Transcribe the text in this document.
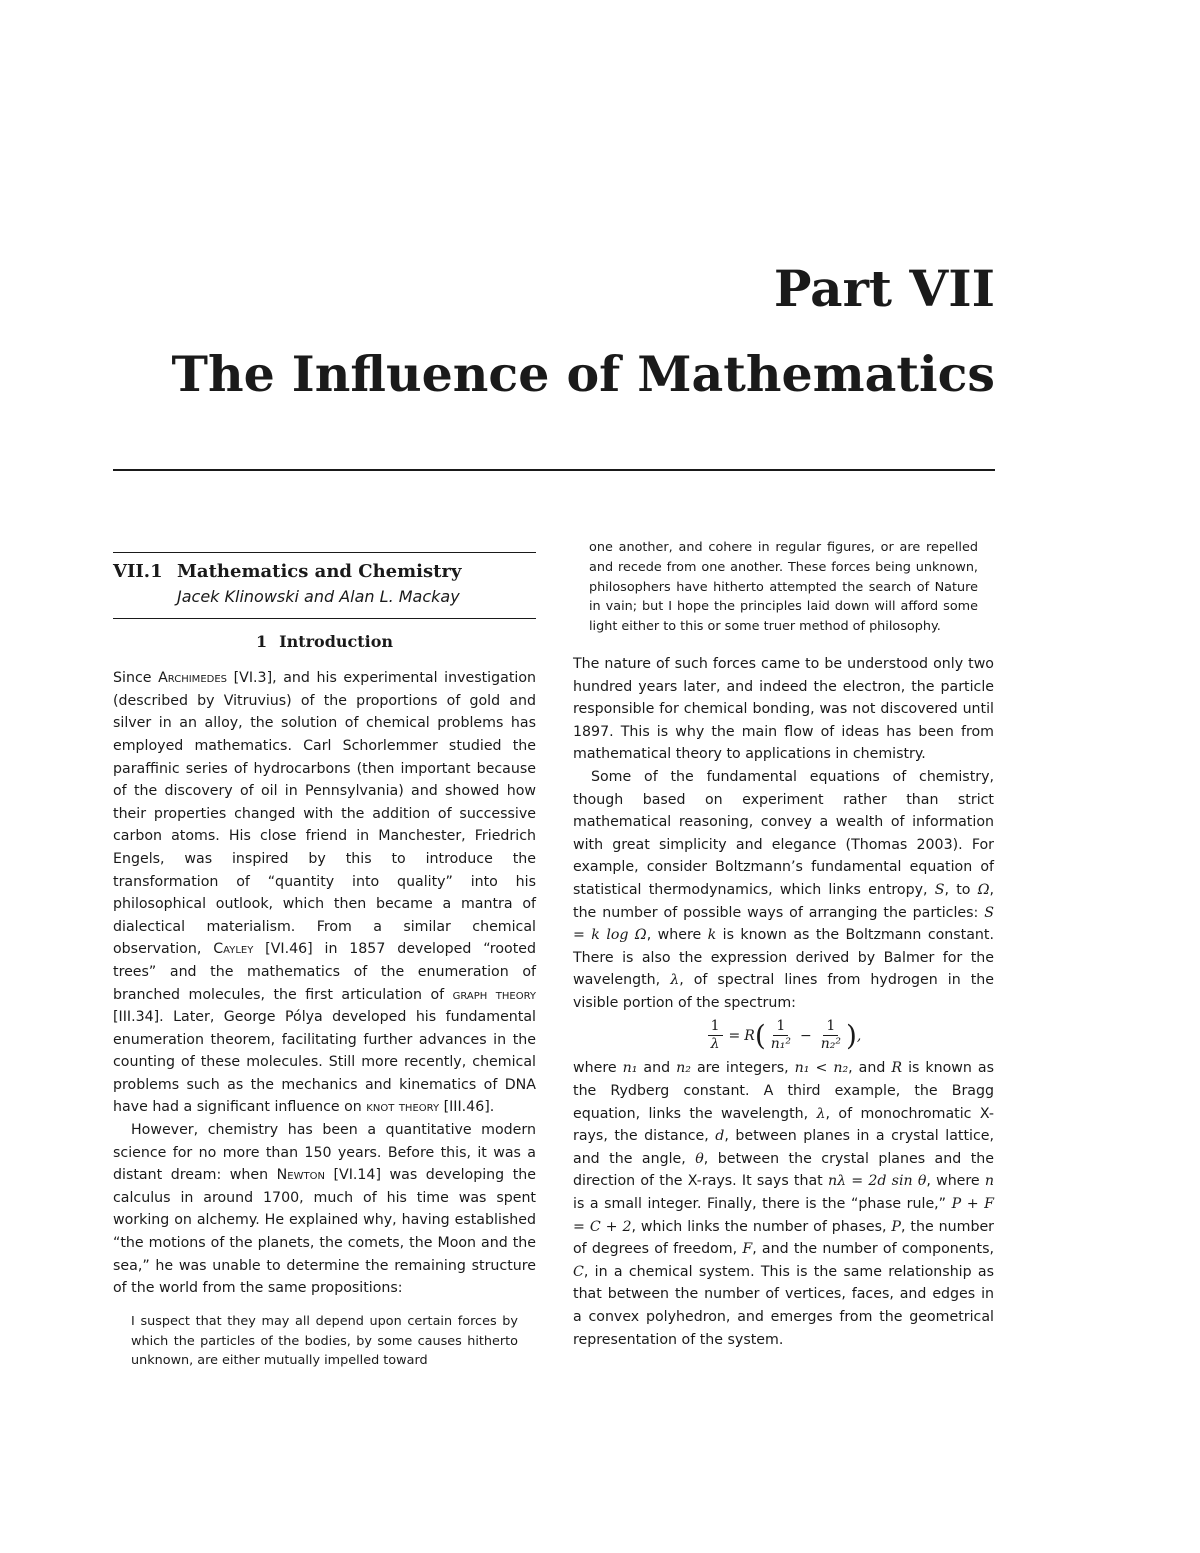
Part VII
The Influence of Mathematics
VII.1 Mathematics and Chemistry
Jacek Klinowski and Alan L. Mackay
1 Introduction

Since Archimedes [VI.3], and his experimental investigation (described by Vitruvius) of the proportions of gold and silver in an alloy, the solution of chemical problems has employed mathematics. Carl Schorlemmer studied the paraffinic series of hydrocarbons (then important because of the discovery of oil in Pennsylvania) and showed how their properties changed with the addition of successive carbon atoms. His close friend in Manchester, Friedrich Engels, was inspired by this to introduce the transformation of “quantity into quality” into his philosophical outlook, which then became a mantra of dialectical materialism. From a similar chemical observation, Cayley [VI.46] in 1857 developed “rooted trees” and the mathematics of the enumeration of branched molecules, the first articulation of graph theory [III.34]. Later, George Pólya developed his fundamental enumeration theorem, facilitating further advances in the counting of these molecules. Still more recently, chemical problems such as the mechanics and kinematics of DNA have had a significant influence on knot theory [III.46].

However, chemistry has been a quantitative modern science for no more than 150 years. Before this, it was a distant dream: when Newton [VI.14] was developing the calculus in around 1700, much of his time was spent working on alchemy. He explained why, having established “the motions of the planets, the comets, the Moon and the sea,” he was unable to determine the remaining structure of the world from the same propositions:

I suspect that they may all depend upon certain forces by which the particles of the bodies, by some causes hitherto unknown, are either mutually impelled toward
one another, and cohere in regular figures, or are repelled and recede from one another. These forces being unknown, philosophers have hitherto attempted the search of Nature in vain; but I hope the principles laid down will afford some light either to this or some truer method of philosophy.

The nature of such forces came to be understood only two hundred years later, and indeed the electron, the particle responsible for chemical bonding, was not discovered until 1897. This is why the main flow of ideas has been from mathematical theory to applications in chemistry.

Some of the fundamental equations of chemistry, though based on experiment rather than strict mathematical reasoning, convey a wealth of information with great simplicity and elegance (Thomas 2003). For example, consider Boltzmann’s fundamental equation of statistical thermodynamics, which links entropy, S, to Ω, the number of possible ways of arranging the particles: S = k log Ω, where k is known as the Boltzmann constant. There is also the expression derived by Balmer for the wavelength, λ, of spectral lines from hydrogen in the visible portion of the spectrum:

$\frac{1}{\lambda} = R$ ( $\frac{1}{\text{n₁²}} - \frac{1}{\text{n₂²}}$ ) ,

where n₁ and n₂ are integers, n₁ < n₂, and R is known as the Rydberg constant. A third example, the Bragg equation, links the wavelength, λ, of monochromatic X-rays, the distance, d, between planes in a crystal lattice, and the angle, θ, between the crystal planes and the direction of the X-rays. It says that nλ = 2d sin θ, where n is a small integer. Finally, there is the “phase rule,” P + F = C + 2, which links the number of phases, P, the number of degrees of freedom, F, and the number of components, C, in a chemical system. This is the same relationship as that between the number of vertices, faces, and edges in a convex polyhedron, and emerges from the geometrical representation of the system.
